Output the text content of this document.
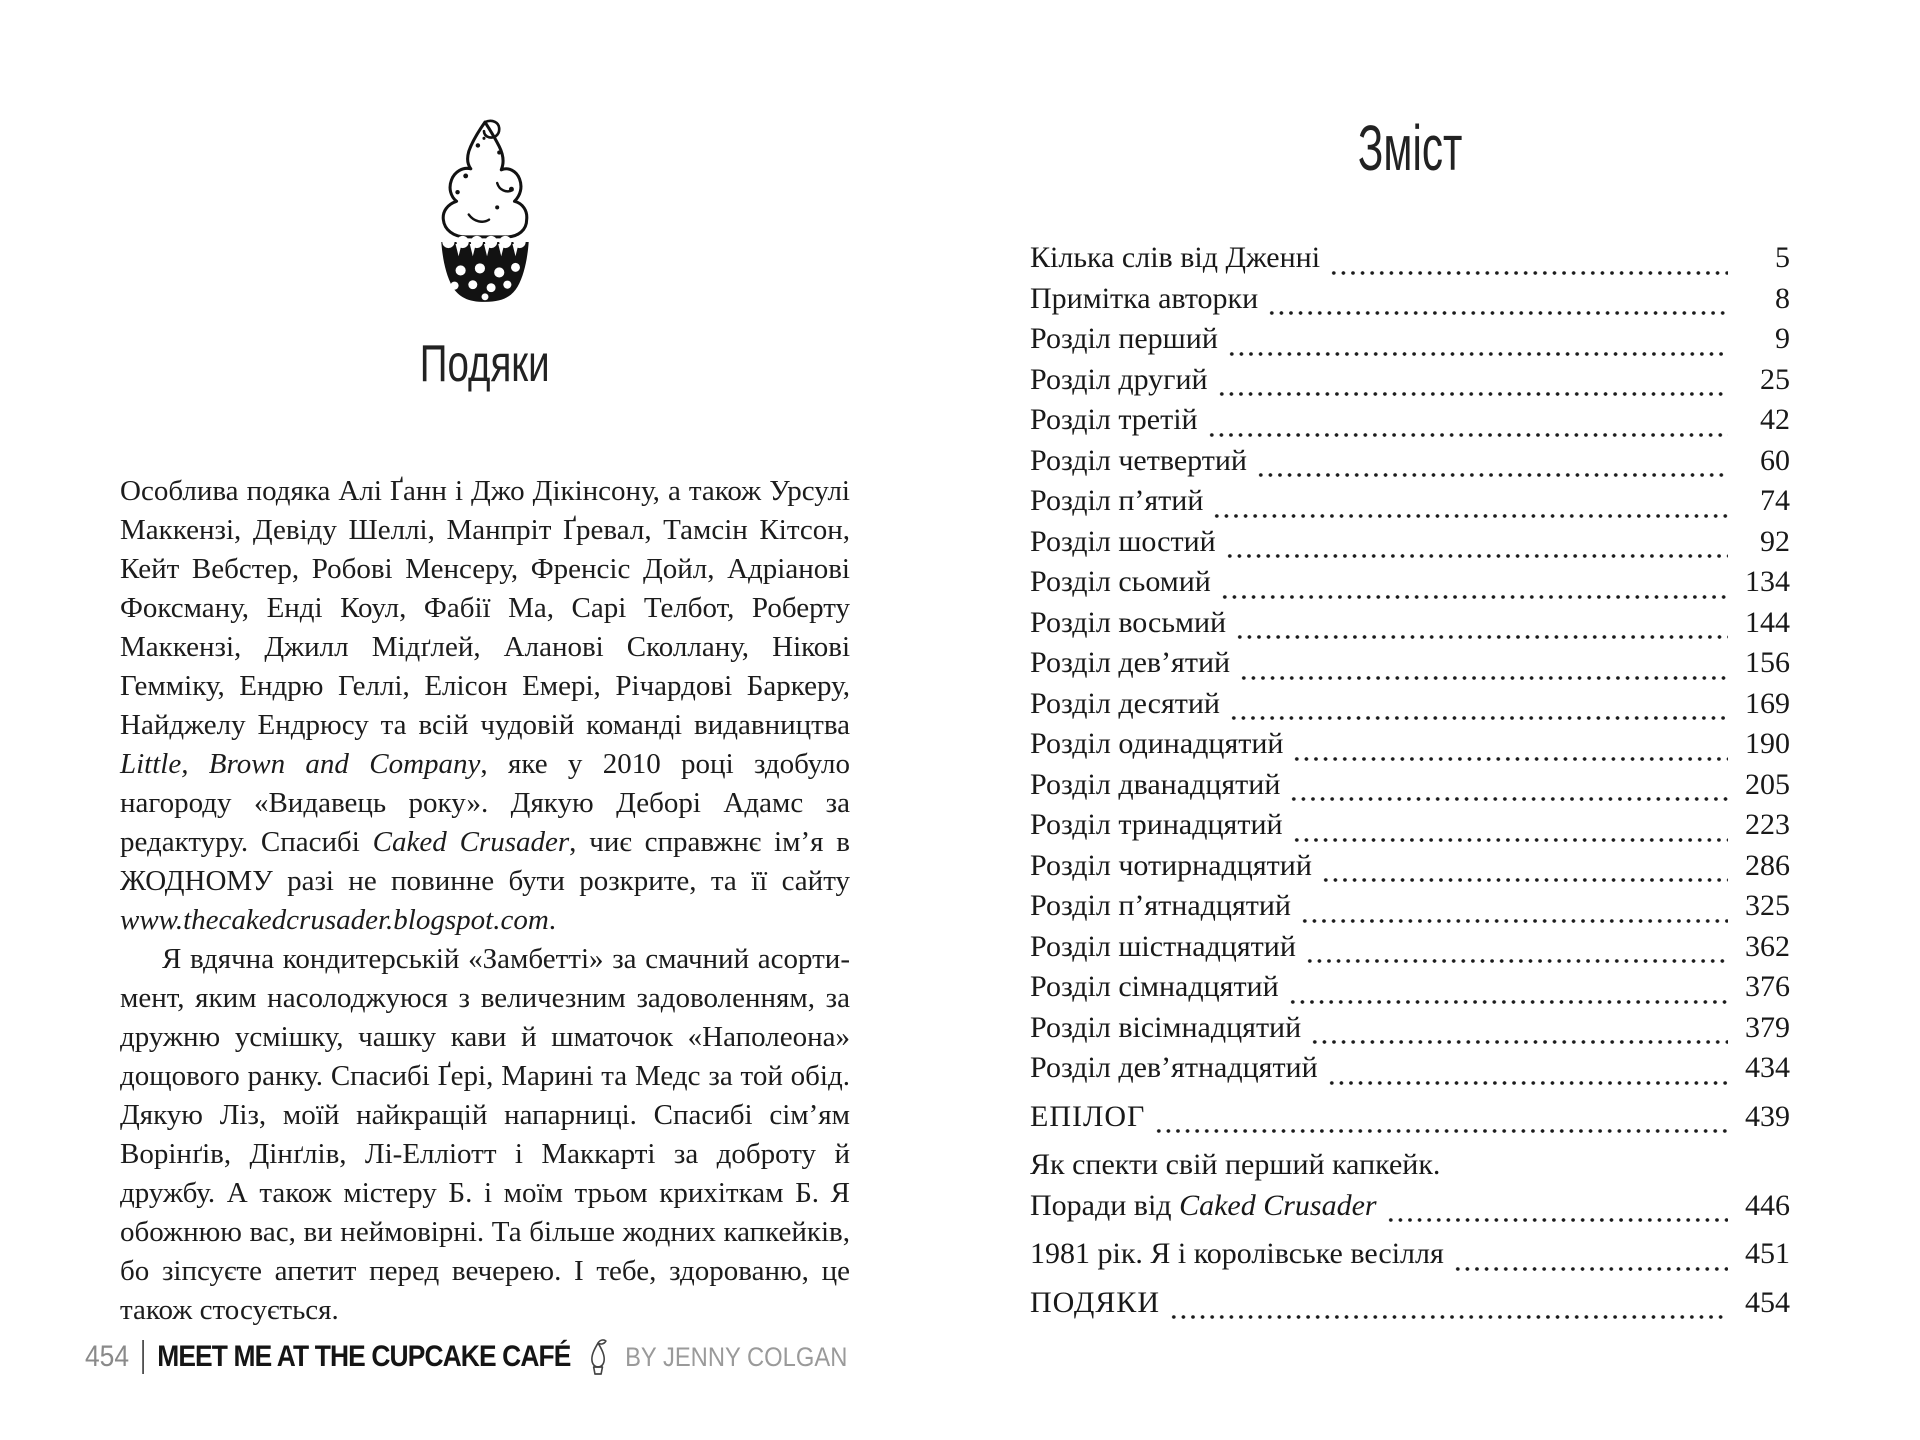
Подяки

Особлива подяка Алі Ґанн і Джо Дікінсону, а також Урсулі Маккензі, Девіду Шеллі, Манпріт Ґревал, Тамсін Кітсон, Кейт Вебстер, Робові Менсеру, Френсіс Дойл, Адріанові Фоксману, Енді Коул, Фабії Ма, Сарі Телбот, Роберту Маккензі, Джилл Мідґлей, Аланові Сколлану, Нікові Гемміку, Ендрю Геллі, Елісон Емері, Річардові Баркеру, Найджелу Ендрюсу та всій чудовій команді видавництва Little, Brown and Company, яке у 2010 році здобуло нагороду «Видавець року». Дякую Деборі Адамс за редактуру. Спасибі Caked Crusader, чиє справжнє ім’я в ЖОДНОМУ разі не повинне бути розкрите, та її сайту www.thecakedcrusader.blogspot.com.

Я вдячна кондитерській «Замбетті» за смачний асортимент, яким насолоджуюся з величезним задоволенням, за дружню усмішку, чашку кави й шматочок «Наполеона» дощового ранку. Спасибі Ґері, Марині та Медс за той обід. Дякую Ліз, моїй найкращій напарниці. Спасибі сім’ям Ворінґів, Дінґлів, Лі-Елліотт і Маккарті за доброту й дружбу. А також містеру Б. і моїм трьом крихіткам Б. Я обожнюю вас, ви неймовірні. Та більше жодних капкейків, бо зіпсуєте апетит перед вечерею. І тебе, здорованю, це також стосується.

454 MEET ME AT THE CUPCAKE CAFÉ BY JENNY COLGAN
Зміст
Кілька слів від Дженні	5
Примітка авторки	8
Розділ перший	9
Розділ другий	25
Розділ третій	42
Розділ четвертий	60
Розділ п’ятий	74
Розділ шостий	92
Розділ сьомий	134
Розділ восьмий	144
Розділ дев’ятий	156
Розділ десятий	169
Розділ одинадцятий	190
Розділ дванадцятий	205
Розділ тринадцятий	223
Розділ чотирнадцятий	286
Розділ п’ятнадцятий	325
Розділ шістнадцятий	362
Розділ сімнадцятий	376
Розділ вісімнадцятий	379
Розділ дев’ятнадцятий	434
ЕПІЛОГ	439
Як спекти свій перший капкейк.
Поради від Caked Crusader	446
1981 рік. Я і королівське весілля	451
ПОДЯКИ	454
